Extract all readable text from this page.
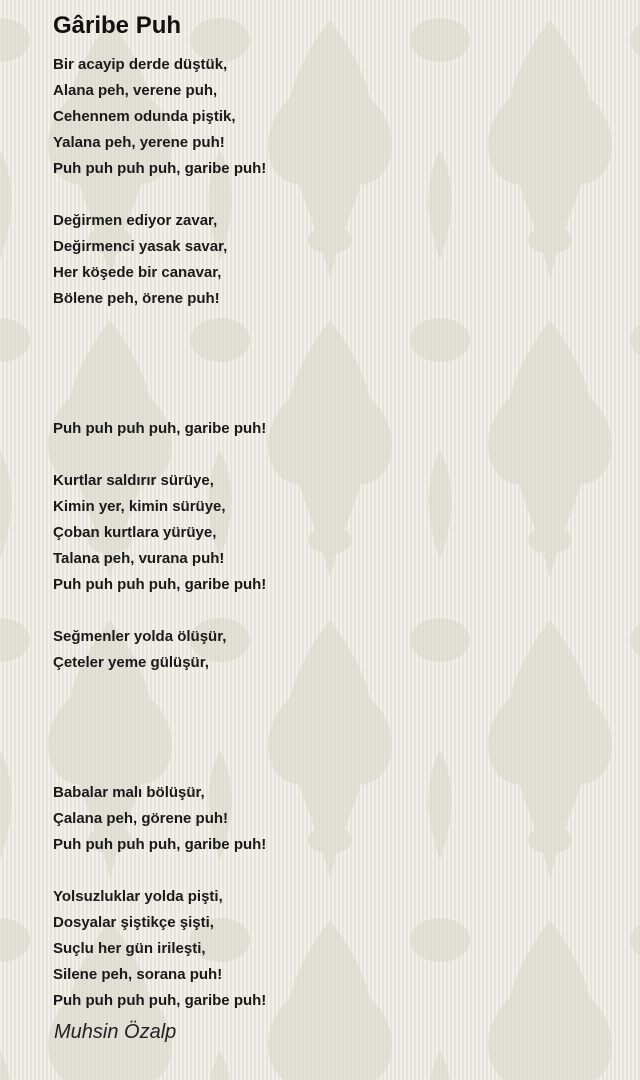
Gâribe Puh
Bir acayip derde düştük,
Alana peh, verene puh,
Cehennem odunda piştik,
Yalana peh, yerene puh!
Puh puh puh puh, garibe puh!
Değirmen ediyor zavar,
Değirmenci yasak savar,
Her köşede bir canavar,
Bölene peh, örene puh!
Puh puh puh puh, garibe puh!
Kurtlar saldırır sürüye,
Kimin yer, kimin sürüye,
Çoban kurtlara yürüye,
Talana peh, vurana puh!
Puh puh puh puh, garibe puh!
Seğmenler yolda ölüşür,
Çeteler yeme gülüşür,
Babalar malı bölüşür,
Çalana peh, görene puh!
Puh puh puh puh, garibe puh!
Yolsuzluklar yolda pişti,
Dosyalar şiştikçe şişti,
Suçlu her gün irileşti,
Silene peh, sorana puh!
Puh puh puh puh, garibe puh!
Muhsin Özalp
